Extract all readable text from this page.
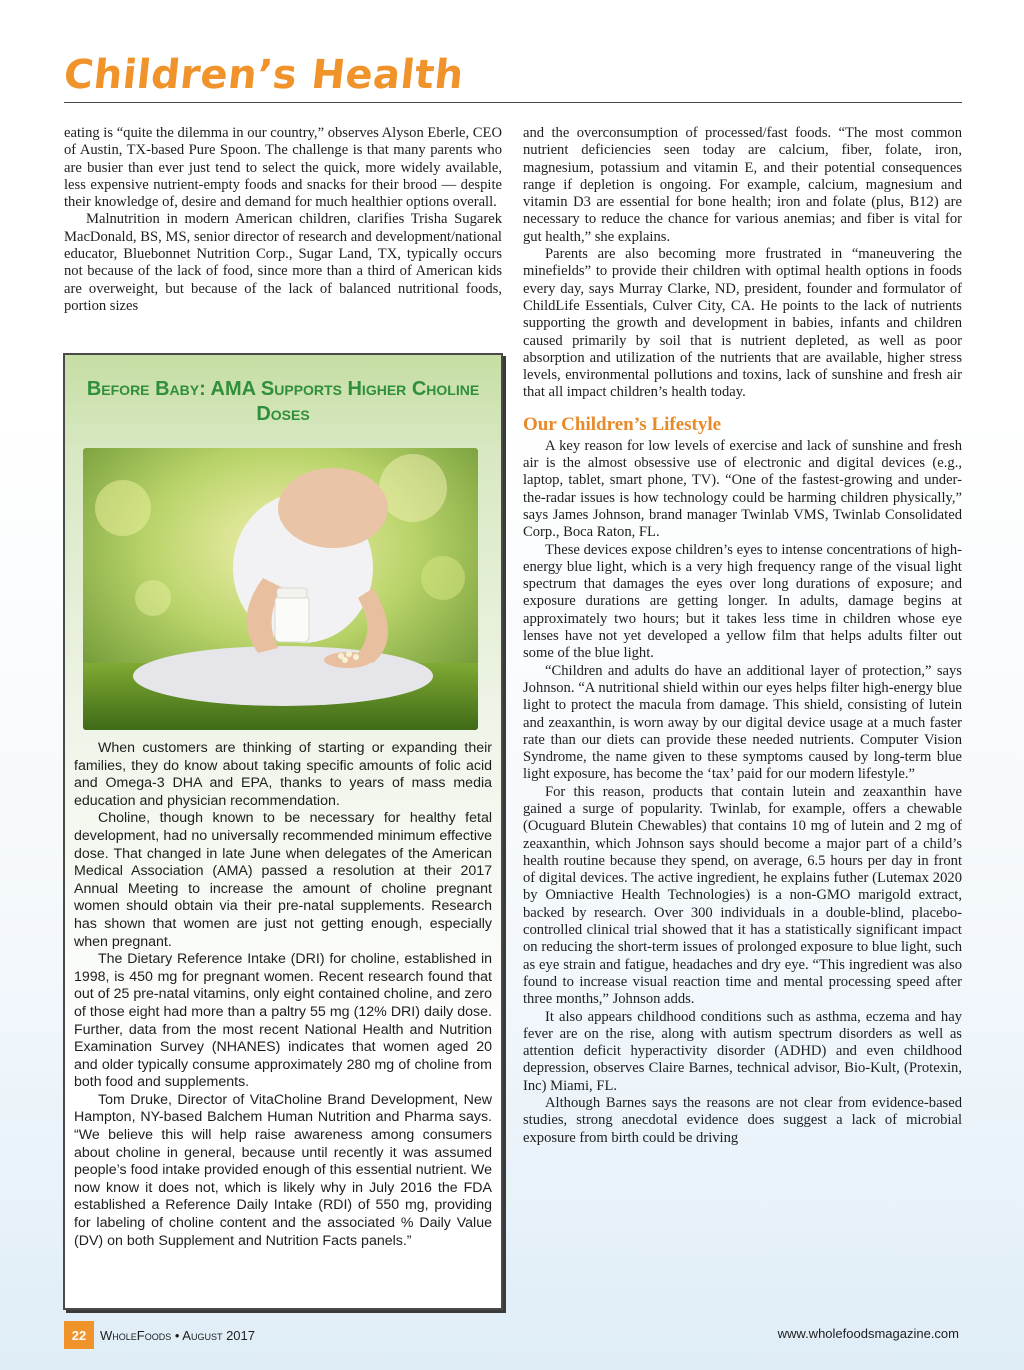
Children’s Health

eating is “quite the dilemma in our country,” observes Alyson Eberle, CEO of Austin, TX-based Pure Spoon. The challenge is that many parents who are busier than ever just tend to select the quick, more widely available, less expensive nutrient-empty foods and snacks for their brood — despite their knowledge of, desire and demand for much healthier options overall.

Malnutrition in modern American children, clarifies Trisha Sugarek MacDonald, BS, MS, senior director of research and development/national educator, Bluebonnet Nutrition Corp., Sugar Land, TX, typically occurs not because of the lack of food, since more than a third of American kids are overweight, but because of the lack of balanced nutritional foods, portion sizes

Before Baby: AMA Supports Higher Choline Doses

When customers are thinking of starting or expanding their families, they do know about taking specific amounts of folic acid and Omega-3 DHA and EPA, thanks to years of mass media education and physician recommendation.

Choline, though known to be necessary for healthy fetal development, had no universally recommended minimum effective dose. That changed in late June when delegates of the American Medical Association (AMA) passed a resolution at their 2017 Annual Meeting to increase the amount of choline pregnant women should obtain via their pre-natal supplements. Research has shown that women are just not getting enough, especially when pregnant.

The Dietary Reference Intake (DRI) for choline, established in 1998, is 450 mg for pregnant women. Recent research found that out of 25 pre-natal vitamins, only eight contained choline, and zero of those eight had more than a paltry 55 mg (12% DRI) daily dose. Further, data from the most recent National Health and Nutrition Examination Survey (NHANES) indicates that women aged 20 and older typically consume approximately 280 mg of choline from both food and supplements.

Tom Druke, Director of VitaCholine Brand Development, New Hampton, NY-based Balchem Human Nutrition and Pharma says. “We believe this will help raise awareness among consumers about choline in general, because until recently it was assumed people’s food intake provided enough of this essential nutrient. We now know it does not, which is likely why in July 2016 the FDA established a Reference Daily Intake (RDI) of 550 mg, providing for labeling of choline content and the associated % Daily Value (DV) on both Supplement and Nutrition Facts panels.”

and the overconsumption of processed/fast foods. “The most common nutrient deficiencies seen today are calcium, fiber, folate, iron, magnesium, potassium and vitamin E, and their potential consequences range if depletion is ongoing. For example, calcium, magnesium and vitamin D3 are essential for bone health; iron and folate (plus, B12) are necessary to reduce the chance for various anemias; and fiber is vital for gut health,” she explains.

Parents are also becoming more frustrated in “maneuvering the minefields” to provide their children with optimal health options in foods every day, says Murray Clarke, ND, president, founder and formulator of ChildLife Essentials, Culver City, CA. He points to the lack of nutrients supporting the growth and development in babies, infants and children caused primarily by soil that is nutrient depleted, as well as poor absorption and utilization of the nutrients that are available, higher stress levels, environmental pollutions and toxins, lack of sunshine and fresh air that all impact children’s health today.

Our Children’s Lifestyle

A key reason for low levels of exercise and lack of sunshine and fresh air is the almost obsessive use of electronic and digital devices (e.g., laptop, tablet, smart phone, TV). “One of the fastest-growing and under-the-radar issues is how technology could be harming children physically,” says James Johnson, brand manager Twinlab VMS, Twinlab Consolidated Corp., Boca Raton, FL.

These devices expose children’s eyes to intense concentrations of high-energy blue light, which is a very high frequency range of the visual light spectrum that damages the eyes over long durations of exposure; and exposure durations are getting longer. In adults, damage begins at approximately two hours; but it takes less time in children whose eye lenses have not yet developed a yellow film that helps adults filter out some of the blue light.

“Children and adults do have an additional layer of protection,” says Johnson. “A nutritional shield within our eyes helps filter high-energy blue light to protect the macula from damage. This shield, consisting of lutein and zeaxanthin, is worn away by our digital device usage at a much faster rate than our diets can provide these needed nutrients. Computer Vision Syndrome, the name given to these symptoms caused by long-term blue light exposure, has become the ‘tax’ paid for our modern lifestyle.”

For this reason, products that contain lutein and zeaxanthin have gained a surge of popularity. Twinlab, for example, offers a chewable (Ocuguard Blutein Chewables) that contains 10 mg of lutein and 2 mg of zeaxanthin, which Johnson says should become a major part of a child’s health routine because they spend, on average, 6.5 hours per day in front of digital devices. The active ingredient, he explains futher (Lutemax 2020 by Omniactive Health Technologies) is a non-GMO marigold extract, backed by research. Over 300 individuals in a double-blind, placebo-controlled clinical trial showed that it has a statistically significant impact on reducing the short-term issues of prolonged exposure to blue light, such as eye strain and fatigue, headaches and dry eye. “This ingredient was also found to increase visual reaction time and mental processing speed after three months,” Johnson adds.

It also appears childhood conditions such as asthma, eczema and hay fever are on the rise, along with autism spectrum disorders as well as attention deficit hyperactivity disorder (ADHD) and even childhood depression, observes Claire Barnes, technical advisor, Bio-Kult, (Protexin, Inc) Miami, FL.

Although Barnes says the reasons are not clear from evidence-based studies, strong anecdotal evidence does suggest a lack of microbial exposure from birth could be driving

22	WholeFoods • August 2017	www.wholefoodsmagazine.com
